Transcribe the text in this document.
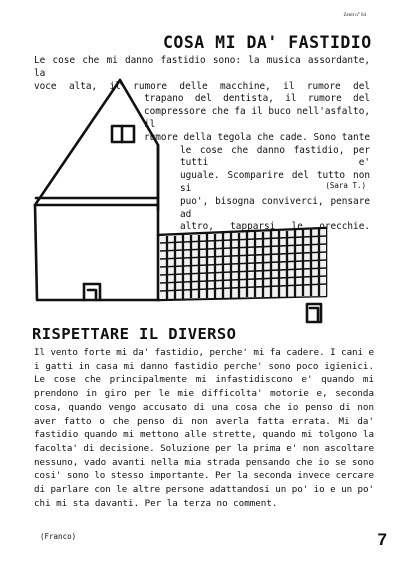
Zenit n° 64
COSA MI DA' FASTIDIO
Le cose che mi danno fastidio sono: la musica assordante, la
voce alta, il rumore delle macchine, il rumore del
trapano del dentista, il rumore del
compressore che fa il buco nell'asfalto, il
rumore della tegola che cade. Sono tante
le cose che danno fastidio, per tutti e'
uguale. Scomparire del tutto non si
puo', bisogna conviverci, pensare ad
altro, tapparsi le orecchie.
(Sara T.)
RISPETTARE IL DIVERSO
Il vento forte mi da' fastidio, perche' mi fa cadere. I cani e
i gatti in casa mi danno fastidio perche' sono poco igienici.
Le cose che principalmente mi infastidiscono e' quando mi
prendono in giro per le mie difficolta' motorie e, seconda
cosa, quando vengo accusato di una cosa che io penso di non
aver fatto o che penso di non averla fatta errata. Mi da'
fastidio quando mi mettono alle strette, quando mi tolgono la
facolta' di decisione. Soluzione per la prima e' non ascoltare
nessuno, vado avanti nella mia strada pensando che io se sono
cosi' sono lo stesso importante. Per la seconda invece cercare
di parlare con le altre persone adattandosi un po' io e un po'
chi mi sta davanti. Per la terza no comment.
(Franco)	7
